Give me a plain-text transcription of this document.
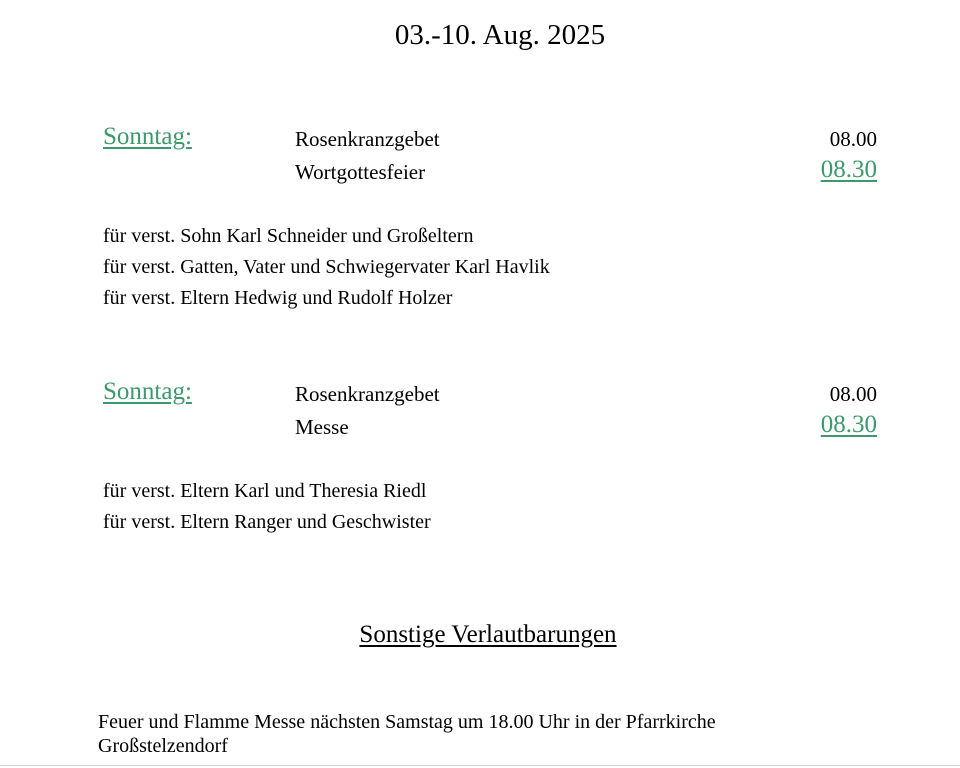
03.-10. Aug. 2025
Sonntag:	Rosenkranzgebet	08.00
Wortgottesfeier	08.30
für verst. Sohn Karl Schneider und Großeltern
für verst. Gatten, Vater und Schwiegervater Karl Havlik
für verst. Eltern Hedwig und Rudolf Holzer
Sonntag:	Rosenkranzgebet	08.00
Messe	08.30
für verst. Eltern Karl und Theresia Riedl
für verst. Eltern Ranger und Geschwister
Sonstige Verlautbarungen
Feuer und Flamme Messe nächsten Samstag um 18.00 Uhr in der Pfarrkirche
Großstelzendorf
